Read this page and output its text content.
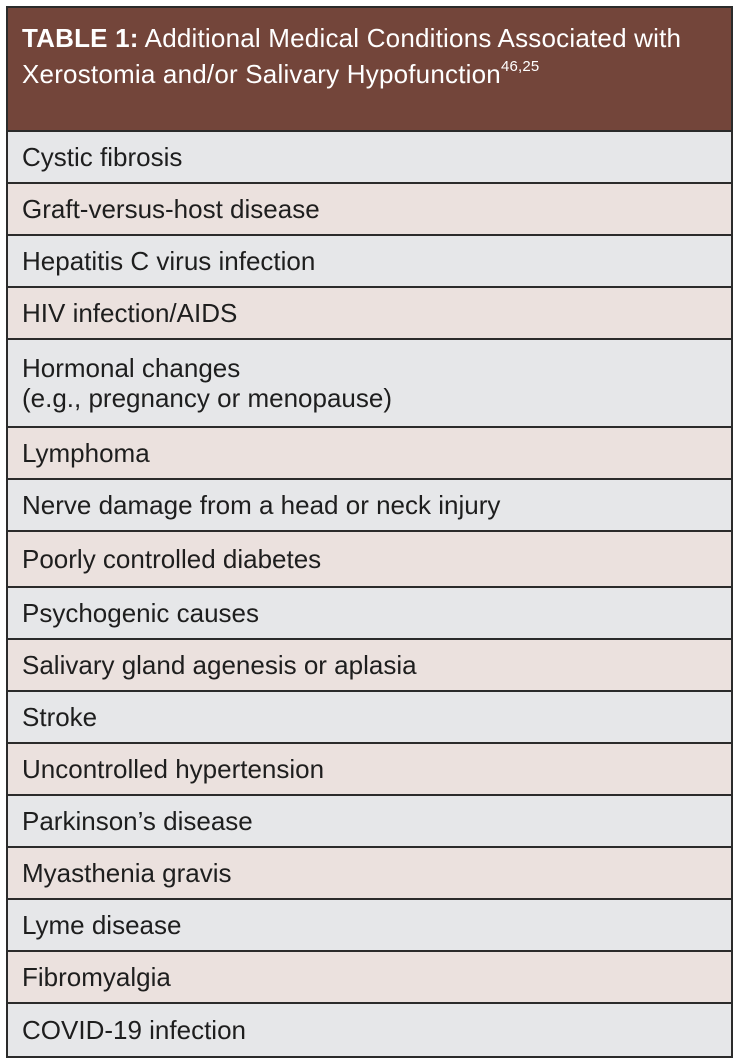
TABLE 1: Additional Medical Conditions Associated with Xerostomia and/or Salivary Hypofunction$^{46,25}$
Cystic fibrosis
Graft-versus-host disease
Hepatitis C virus infection
HIV infection/AIDS
Hormonal changes
(e.g., pregnancy or menopause)
Lymphoma
Nerve damage from a head or neck injury
Poorly controlled diabetes
Psychogenic causes
Salivary gland agenesis or aplasia
Stroke
Uncontrolled hypertension
Parkinson’s disease
Myasthenia gravis
Lyme disease
Fibromyalgia
COVID-19 infection
